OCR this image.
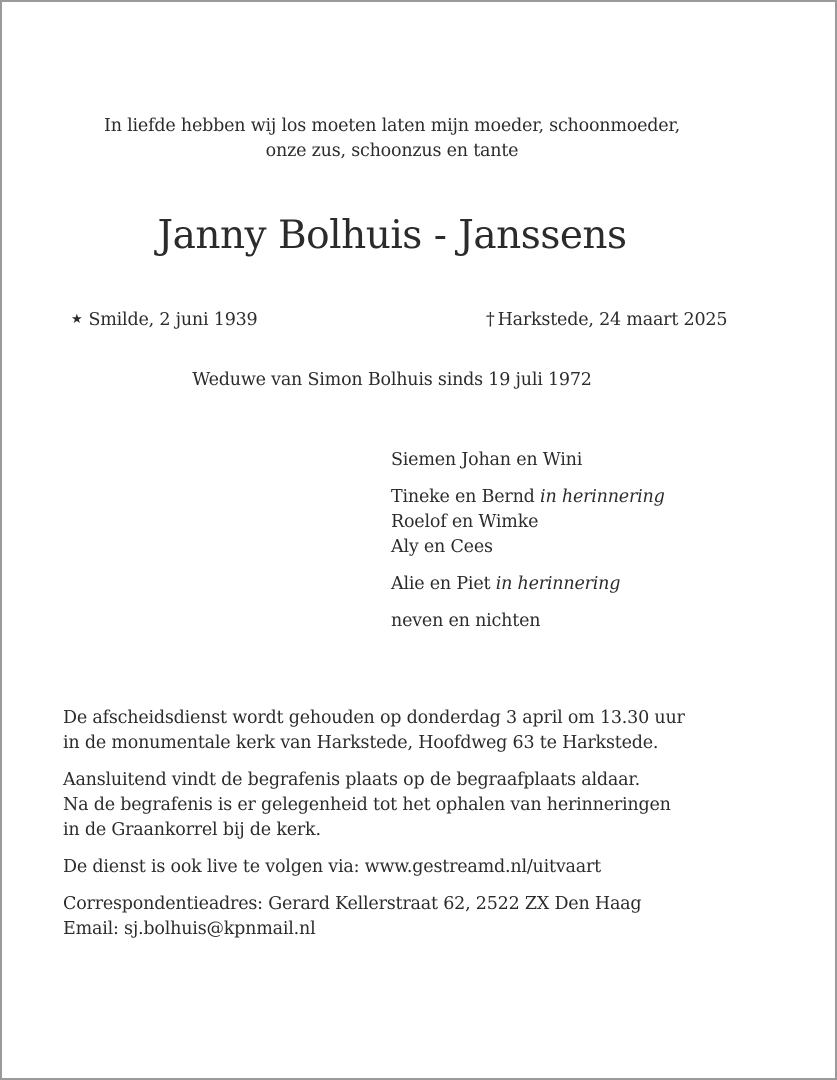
In liefde hebben wij los moeten laten mijn moeder, schoonmoeder,
onze zus, schoonzus en tante
Janny Bolhuis - Janssens
★ Smilde, 2 juni 1939	† Harkstede, 24 maart 2025
Weduwe van Simon Bolhuis sinds 19 juli 1972
Siemen Johan en Wini
Tineke en Bernd in herinnering
Roelof en Wimke
Aly en Cees
Alie en Piet in herinnering
neven en nichten
De afscheidsdienst wordt gehouden op donderdag 3 april om 13.30 uur
in de monumentale kerk van Harkstede, Hoofdweg 63 te Harkstede.
Aansluitend vindt de begrafenis plaats op de begraafplaats aldaar.
Na de begrafenis is er gelegenheid tot het ophalen van herinneringen
in de Graankorrel bij de kerk.
De dienst is ook live te volgen via: www.gestreamd.nl/uitvaart
Correspondentieadres: Gerard Kellerstraat 62, 2522 ZX Den Haag
Email: sj.bolhuis@kpnmail.nl
